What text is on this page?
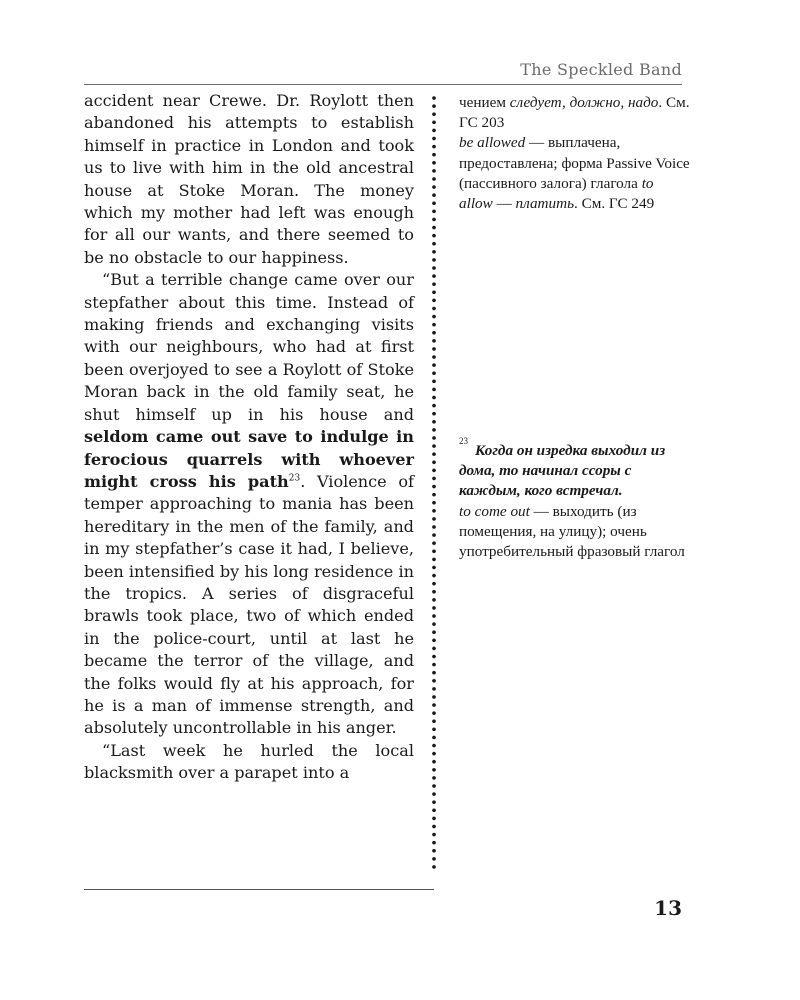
The Speckled Band

accident near Crewe. Dr. Roylott then abandoned his attempts to establish himself in practice in London and took us to live with him in the old ancestral house at Stoke Moran. The money which my mother had left was enough for all our wants, and there seemed to be no obstacle to our happiness.

“But a terrible change came over our stepfather about this time. Instead of making friends and exchanging visits with our neighbours, who had at first been overjoyed to see a Roylott of Stoke Moran back in the old family seat, he shut himself up in his house and seldom came out save to indulge in ferocious quarrels with whoever might cross his path$^{23}$. Violence of temper approaching to mania has been hereditary in the men of the family, and in my stepfather’s case it had, I believe, been intensified by his long residence in the tropics. A series of disgraceful brawls took place, two of which ended in the police-court, until at last he became the terror of the village, and the folks would fly at his approach, for he is a man of immense strength, and absolutely uncontrollable in his anger.

“Last week he hurled the local blacksmith over a parapet into a

чением следует, должно, надо. См. ГС 203
be allowed — выплачена, предоставлена; форма Passive Voice (пассивного залога) глагола to allow — платить. См. ГС 249

$^{23}$Когда он изредка выходил из дома, то начинал ссоры с каждым, кого встречал.
to come out — выходить (из помещения, на улицу); очень употребительный фразовый глагол

13
